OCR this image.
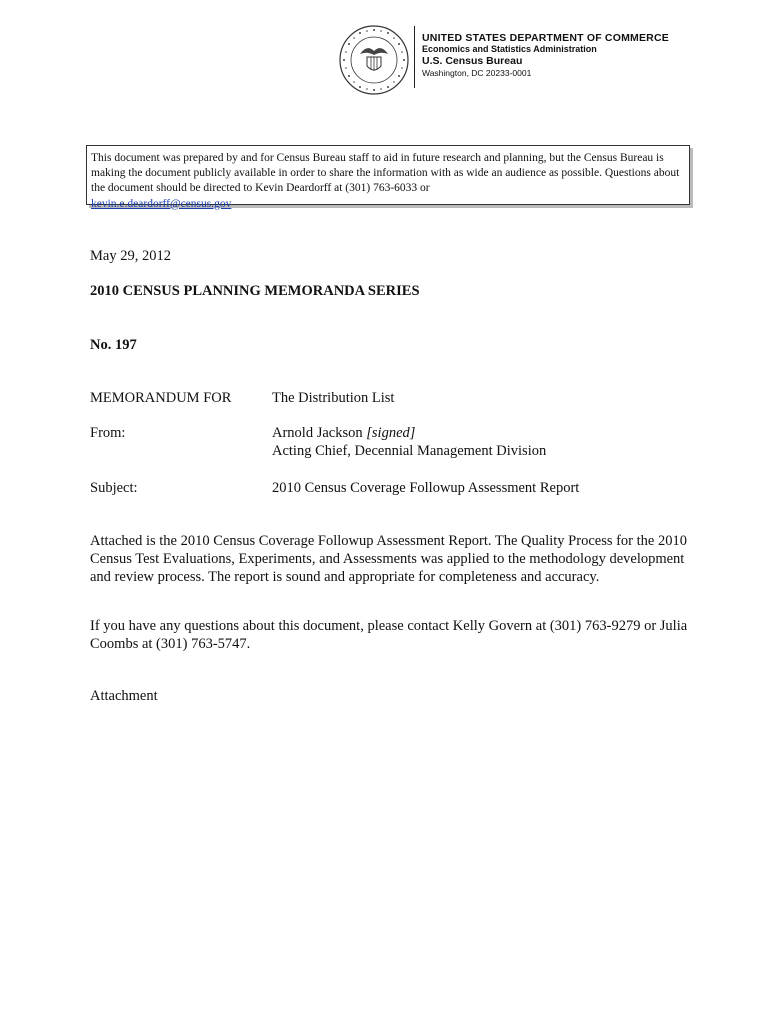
UNITED STATES DEPARTMENT OF COMMERCE
Economics and Statistics Administration
U.S. Census Bureau
Washington, DC 20233-0001
This document was prepared by and for Census Bureau staff to aid in future research and planning, but the Census Bureau is making the document publicly available in order to share the information with as wide an audience as possible. Questions about the document should be directed to Kevin Deardorff at (301) 763-6033 or
kevin.e.deardorff@census.gov
May 29, 2012
2010 CENSUS PLANNING MEMORANDA SERIES
No. 197
MEMORANDUM FOR	The Distribution List
From:	Arnold Jackson [signed]
Acting Chief, Decennial Management Division
Subject:	2010 Census Coverage Followup Assessment Report
Attached is the 2010 Census Coverage Followup Assessment Report. The Quality Process for the 2010 Census Test Evaluations, Experiments, and Assessments was applied to the methodology development and review process. The report is sound and appropriate for completeness and accuracy.
If you have any questions about this document, please contact Kelly Govern at (301) 763-9279 or Julia Coombs at (301) 763-5747.
Attachment
